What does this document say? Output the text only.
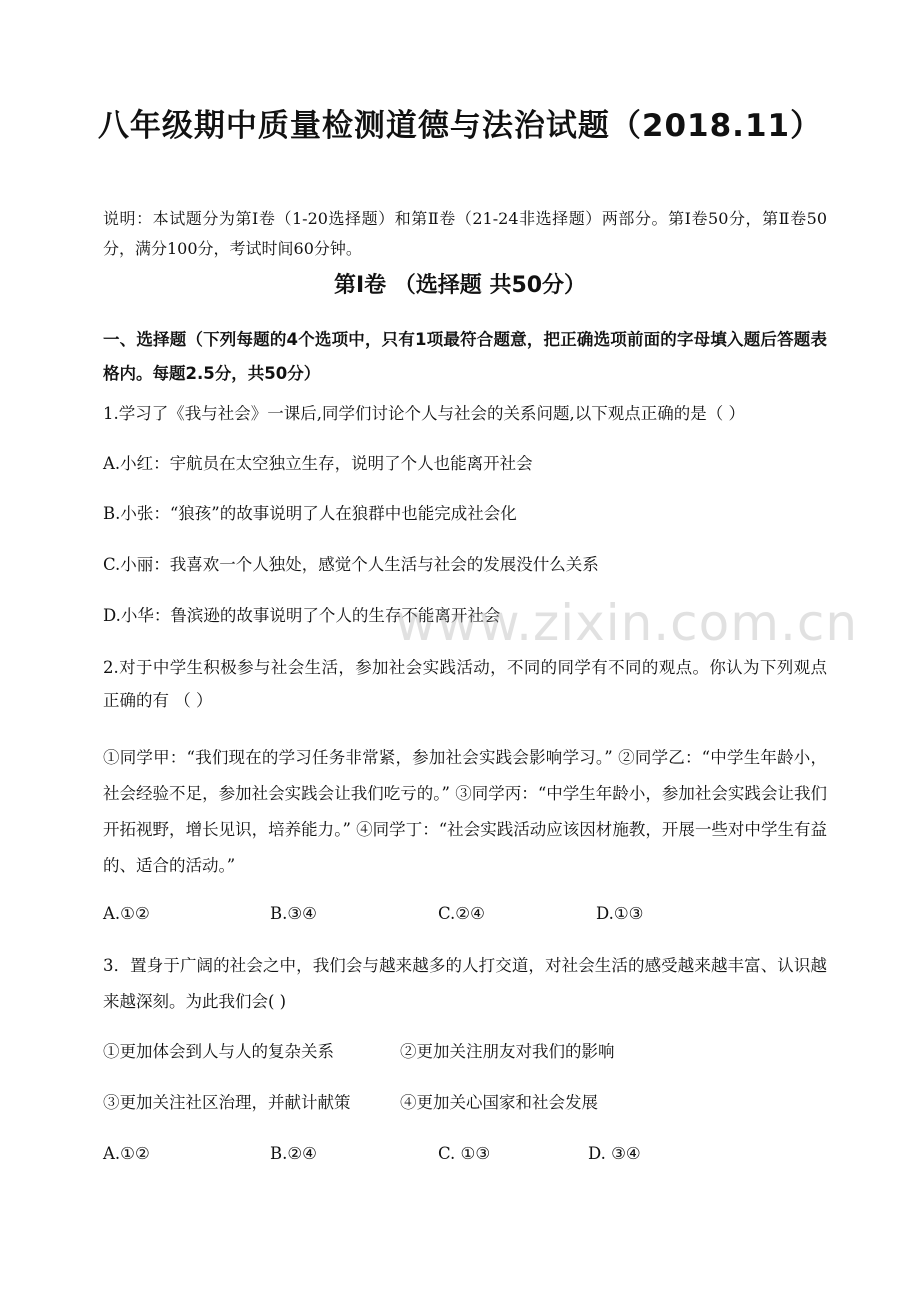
八年级期中质量检测道德与法治试题（2018.11）

说明：本试题分为第Ⅰ卷（1-20选择题）和第Ⅱ卷（21-24非选择题）两部分。第Ⅰ卷50分，第Ⅱ卷50分，满分100分，考试时间60分钟。

第Ⅰ卷 （选择题 共50分）

一、选择题（下列每题的4个选项中，只有1项最符合题意，把正确选项前面的字母填入题后答题表格内。每题2.5分，共50分）

1.学习了《我与社会》一课后,同学们讨论个人与社会的关系问题,以下观点正确的是（ ）

A.小红：宇航员在太空独立生存，说明了个人也能离开社会

B.小张：“狼孩”的故事说明了人在狼群中也能完成社会化

C.小丽：我喜欢一个人独处，感觉个人生活与社会的发展没什么关系

D.小华：鲁滨逊的故事说明了个人的生存不能离开社会

2.对于中学生积极参与社会生活，参加社会实践活动，不同的同学有不同的观点。你认为下列观点正确的有 （ ）

①同学甲：“我们现在的学习任务非常紧，参加社会实践会影响学习。” ②同学乙：“中学生年龄小，社会经验不足，参加社会实践会让我们吃亏的。” ③同学丙：“中学生年龄小，参加社会实践会让我们开拓视野，增长见识，培养能力。” ④同学丁：“社会实践活动应该因材施教，开展一些对中学生有益的、适合的活动。”

A.①②	B.③④	C.②④	D.①③

3．置身于广阔的社会之中，我们会与越来越多的人打交道，对社会生活的感受越来越丰富、认识越来越深刻。为此我们会( )

①更加体会到人与人的复杂关系	②更加关注朋友对我们的影响
③更加关注社区治理，并献计献策	④更加关心国家和社会发展
A.①②	B.②④	C. ①③	D. ③④
www.zixin.com.cn
